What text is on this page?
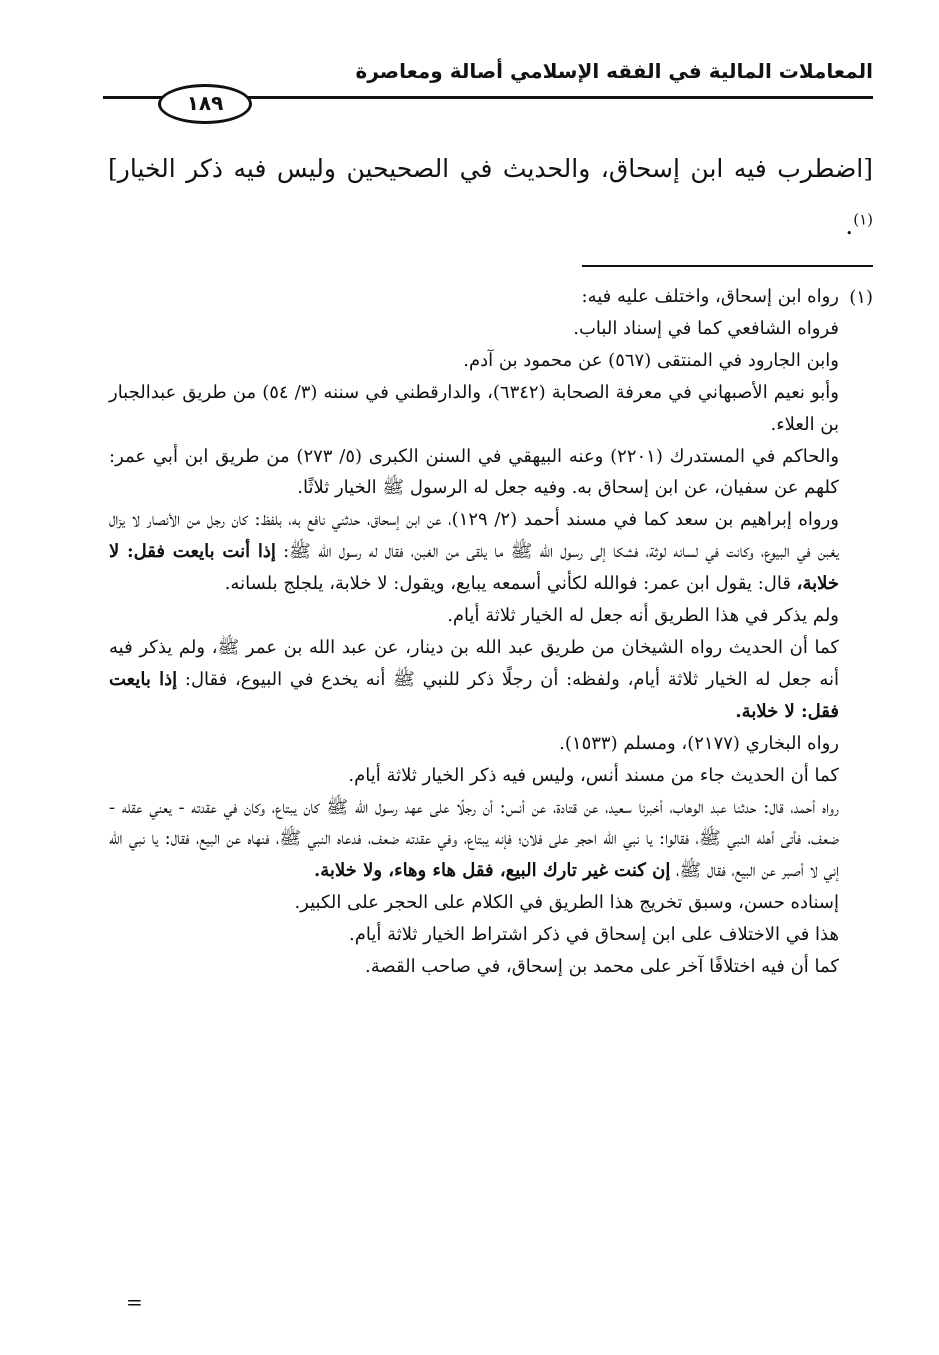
المعاملات المالية في الفقه الإسلامي أصالة ومعاصرة
١٨٩
[اضطرب فيه ابن إسحاق، والحديث في الصحيحين وليس فيه ذكر الخيار]$^{(١)}$.
(١)

رواه ابن إسحاق، واختلف عليه فيه:

فرواه الشافعي كما في إسناد الباب.

وابن الجارود في المنتقى (٥٦٧) عن محمود بن آدم.

وأبو نعيم الأصبهاني في معرفة الصحابة (٦٣٤٢)، والدارقطني في سننه (٣/ ٥٤) من طريق عبدالجبار بن العلاء.

والحاكم في المستدرك (٢٢٠١) وعنه البيهقي في السنن الكبرى (٥/ ٢٧٣) من طريق ابن أبي عمر: كلهم عن سفيان، عن ابن إسحاق به. وفيه جعل له الرسول ﷺ الخيار ثلاثًا.

ورواه إبراهيم بن سعد كما في مسند أحمد (٢/ ١٢٩)، عن ابن إسحاق، حدثني نافع به، بلفظ: كان رجل من الأنصار لا يزال يغبن في البيوع، وكانت في لسانه لوثة، فشكا إلى رسول الله ﷺ ما يلقى من الغبن، فقال له رسول الله ﷺ: إذا أنت بايعت فقل: لا خلابة، قال: يقول ابن عمر: فوالله لكأني أسمعه يبايع، ويقول: لا خلابة، يلجلج بلسانه.

ولم يذكر في هذا الطريق أنه جعل له الخيار ثلاثة أيام.

كما أن الحديث رواه الشيخان من طريق عبد الله بن دينار، عن عبد الله بن عمر ﷺ، ولم يذكر فيه أنه جعل له الخيار ثلاثة أيام، ولفظه: أن رجلًا ذكر للنبي ﷺ أنه يخدع في البيوع، فقال: إذا بايعت فقل: لا خلابة.

رواه البخاري (٢١٧٧)، ومسلم (١٥٣٣).

كما أن الحديث جاء من مسند أنس، وليس فيه ذكر الخيار ثلاثة أيام.

رواه أحمد، قال: حدثنا عبد الوهاب، أخبرنا سعيد، عن قتادة، عن أنس: أن رجلًا على عهد رسول الله ﷺ كان يبتاع، وكان في عقدته - يعني عقله - ضعف، فأتى أهله النبي ﷺ، فقالوا: يا نبي الله احجر على فلان؛ فإنه يبتاع، وفي عقدته ضعف، فدعاه النبي ﷺ، فنهاه عن البيع، فقال: يا نبي الله إني لا أصبر عن البيع، فقال ﷺ، إن كنت غير تارك البيع، فقل هاء وهاء، ولا خلابة.

إسناده حسن، وسبق تخريج هذا الطريق في الكلام على الحجر على الكبير.

هذا في الاختلاف على ابن إسحاق في ذكر اشتراط الخيار ثلاثة أيام.

كما أن فيه اختلافًا آخر على محمد بن إسحاق، في صاحب القصة.

=
